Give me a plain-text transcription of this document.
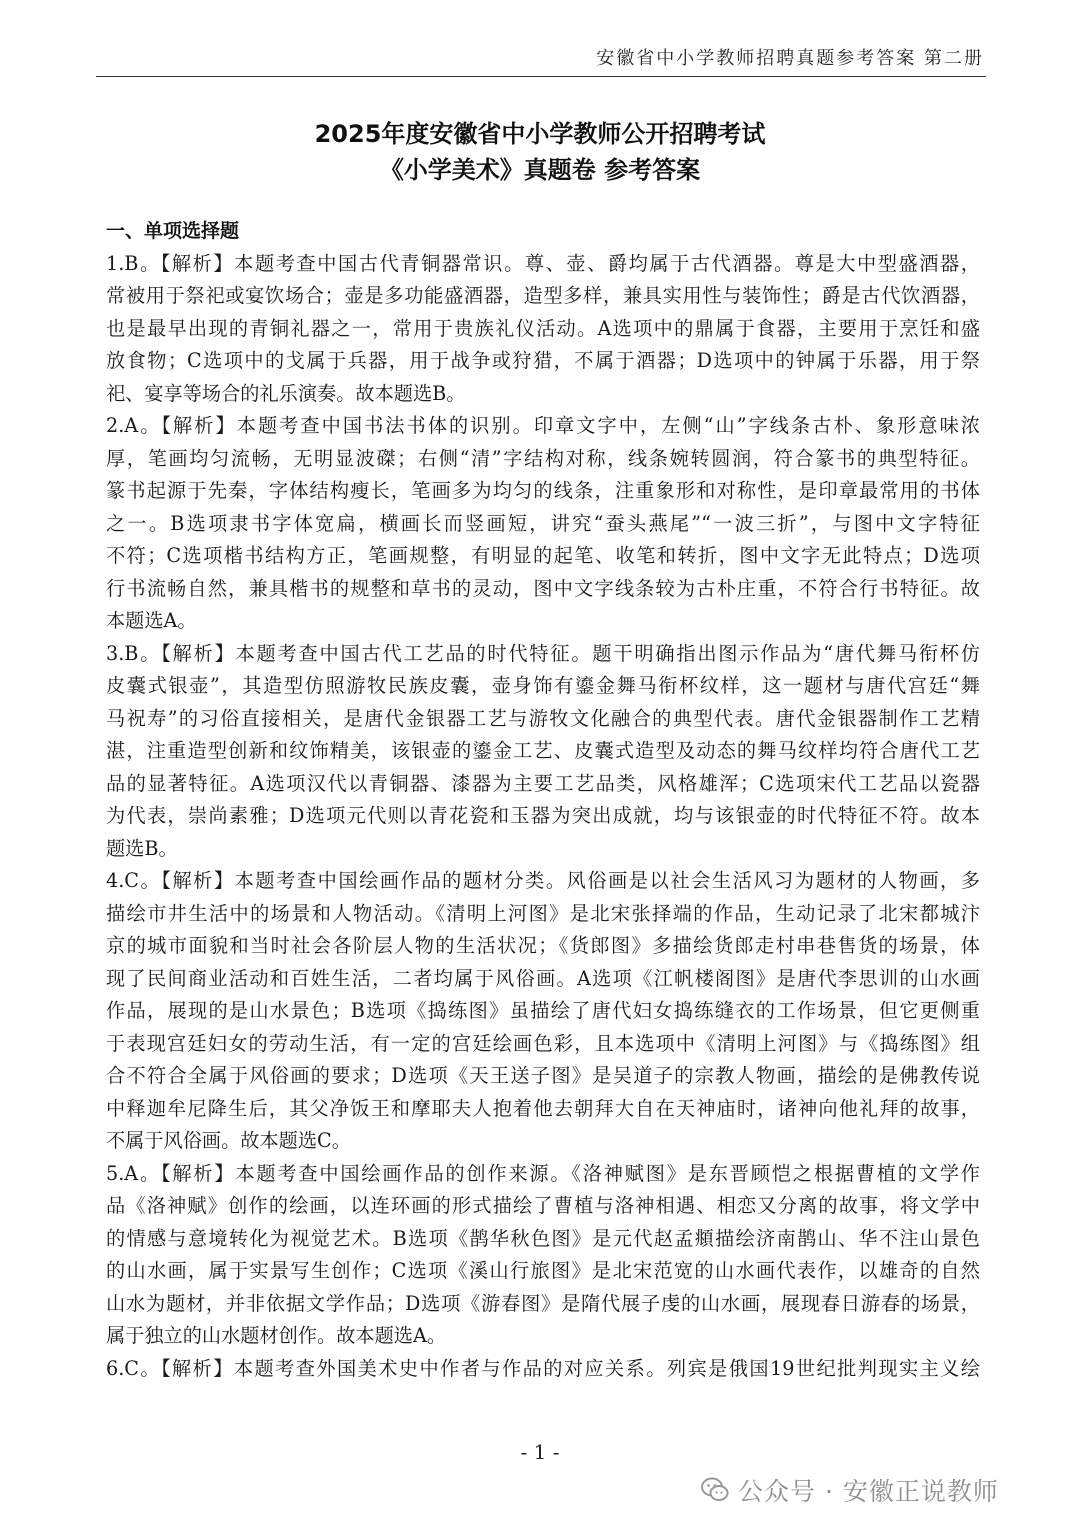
安徽省中小学教师招聘真题参考答案 第二册
2025年度安徽省中小学教师公开招聘考试
《小学美术》真题卷 参考答案
一、单项选择题
1.B。【解析】本题考查中国古代青铜器常识。尊、壶、爵均属于古代酒器。尊是大中型盛酒器，
常被用于祭祀或宴饮场合；壶是多功能盛酒器，造型多样，兼具实用性与装饰性；爵是古代饮酒器，
也是最早出现的青铜礼器之一，常用于贵族礼仪活动。A选项中的鼎属于食器，主要用于烹饪和盛
放食物；C选项中的戈属于兵器，用于战争或狩猎，不属于酒器；D选项中的钟属于乐器，用于祭
祀、宴享等场合的礼乐演奏。故本题选B。
2.A。【解析】本题考查中国书法书体的识别。印章文字中，左侧“山”字线条古朴、象形意味浓
厚，笔画均匀流畅，无明显波磔；右侧“清”字结构对称，线条婉转圆润，符合篆书的典型特征。
篆书起源于先秦，字体结构瘦长，笔画多为均匀的线条，注重象形和对称性，是印章最常用的书体
之一。B选项隶书字体宽扁，横画长而竖画短，讲究“蚕头燕尾”“一波三折”，与图中文字特征
不符；C选项楷书结构方正，笔画规整，有明显的起笔、收笔和转折，图中文字无此特点；D选项
行书流畅自然，兼具楷书的规整和草书的灵动，图中文字线条较为古朴庄重，不符合行书特征。故
本题选A。
3.B。【解析】本题考查中国古代工艺品的时代特征。题干明确指出图示作品为“唐代舞马衔杯仿
皮囊式银壶”，其造型仿照游牧民族皮囊，壶身饰有鎏金舞马衔杯纹样，这一题材与唐代宫廷“舞
马祝寿”的习俗直接相关，是唐代金银器工艺与游牧文化融合的典型代表。唐代金银器制作工艺精
湛，注重造型创新和纹饰精美，该银壶的鎏金工艺、皮囊式造型及动态的舞马纹样均符合唐代工艺
品的显著特征。A选项汉代以青铜器、漆器为主要工艺品类，风格雄浑；C选项宋代工艺品以瓷器
为代表，崇尚素雅；D选项元代则以青花瓷和玉器为突出成就，均与该银壶的时代特征不符。故本
题选B。
4.C。【解析】本题考查中国绘画作品的题材分类。风俗画是以社会生活风习为题材的人物画，多
描绘市井生活中的场景和人物活动。《清明上河图》是北宋张择端的作品，生动记录了北宋都城汴
京的城市面貌和当时社会各阶层人物的生活状况；《货郎图》多描绘货郎走村串巷售货的场景，体
现了民间商业活动和百姓生活，二者均属于风俗画。A选项《江帆楼阁图》是唐代李思训的山水画
作品，展现的是山水景色；B选项《捣练图》虽描绘了唐代妇女捣练缝衣的工作场景，但它更侧重
于表现宫廷妇女的劳动生活，有一定的宫廷绘画色彩，且本选项中《清明上河图》与《捣练图》组
合不符合全属于风俗画的要求；D选项《天王送子图》是吴道子的宗教人物画，描绘的是佛教传说
中释迦牟尼降生后，其父净饭王和摩耶夫人抱着他去朝拜大自在天神庙时，诸神向他礼拜的故事，
不属于风俗画。故本题选C。
5.A。【解析】本题考查中国绘画作品的创作来源。《洛神赋图》是东晋顾恺之根据曹植的文学作
品《洛神赋》创作的绘画，以连环画的形式描绘了曹植与洛神相遇、相恋又分离的故事，将文学中
的情感与意境转化为视觉艺术。B选项《鹊华秋色图》是元代赵孟頫描绘济南鹊山、华不注山景色
的山水画，属于实景写生创作；C选项《溪山行旅图》是北宋范宽的山水画代表作，以雄奇的自然
山水为题材，并非依据文学作品；D选项《游春图》是隋代展子虔的山水画，展现春日游春的场景，
属于独立的山水题材创作。故本题选A。
6.C。【解析】本题考查外国美术史中作者与作品的对应关系。列宾是俄国19世纪批判现实主义绘
- 1 -
公众号 · 安徽正说教师
